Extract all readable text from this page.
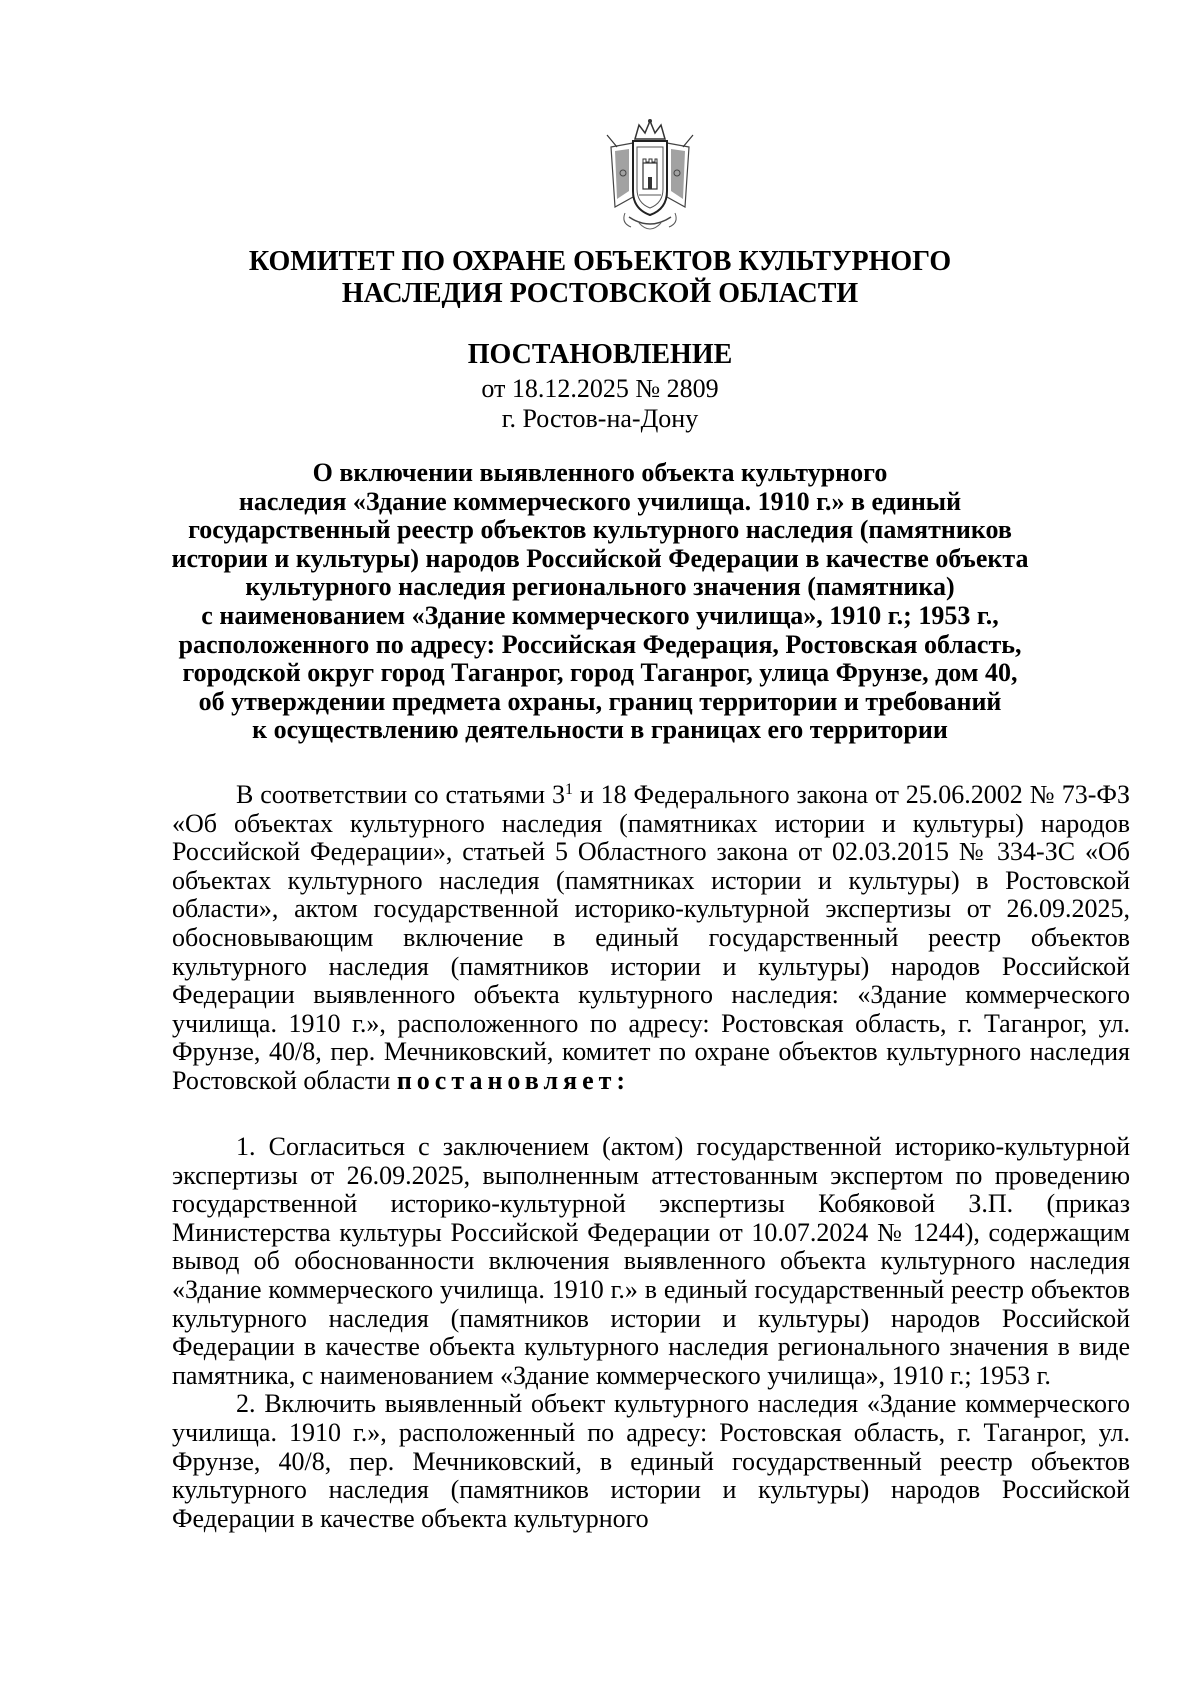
КОМИТЕТ ПО ОХРАНЕ ОБЪЕКТОВ КУЛЬТУРНОГО
НАСЛЕДИЯ РОСТОВСКОЙ ОБЛАСТИ
ПОСТАНОВЛЕНИЕ
от 18.12.2025 № 2809
г. Ростов-на-Дону
О включении выявленного объекта культурного
наследия «Здание коммерческого училища. 1910 г.» в единый
государственный реестр объектов культурного наследия (памятников
истории и культуры) народов Российской Федерации в качестве объекта
культурного наследия регионального значения (памятника)
с наименованием «Здание коммерческого училища», 1910 г.; 1953 г.,
расположенного по адресу: Российская Федерация, Ростовская область,
городской округ город Таганрог, город Таганрог, улица Фрунзе, дом 40,
об утверждении предмета охраны, границ территории и требований
к осуществлению деятельности в границах его территории

В соответствии со статьями $3^1$ и 18 Федерального закона от 25.06.2002 № 73-ФЗ «Об объектах культурного наследия (памятниках истории и культуры) народов Российской Федерации», статьей 5 Областного закона от 02.03.2015 № 334-ЗС «Об объектах культурного наследия (памятниках истории и культуры) в Ростовской области», актом государственной историко-культурной экспертизы от 26.09.2025, обосновывающим включение в единый государственный реестр объектов культурного наследия (памятников истории и культуры) народов Российской Федерации выявленного объекта культурного наследия: «Здание коммерческого училища. 1910 г.», расположенного по адресу: Ростовская область, г. Таганрог, ул. Фрунзе, 40/8, пер. Мечниковский, комитет по охране объектов культурного наследия Ростовской области постановляет:

1. Согласиться с заключением (актом) государственной историко-культурной экспертизы от 26.09.2025, выполненным аттестованным экспертом по проведению государственной историко-культурной экспертизы Кобяковой З.П. (приказ Министерства культуры Российской Федерации от 10.07.2024 № 1244), содержащим вывод об обоснованности включения выявленного объекта культурного наследия «Здание коммерческого училища. 1910 г.» в единый государственный реестр объектов культурного наследия (памятников истории и культуры) народов Российской Федерации в качестве объекта культурного наследия регионального значения в виде памятника, с наименованием «Здание коммерческого училища», 1910 г.; 1953 г.

2. Включить выявленный объект культурного наследия «Здание коммерческого училища. 1910 г.», расположенный по адресу: Ростовская область, г. Таганрог, ул. Фрунзе, 40/8, пер. Мечниковский, в единый государственный реестр объектов культурного наследия (памятников истории и культуры) народов Российской Федерации в качестве объекта культурного
